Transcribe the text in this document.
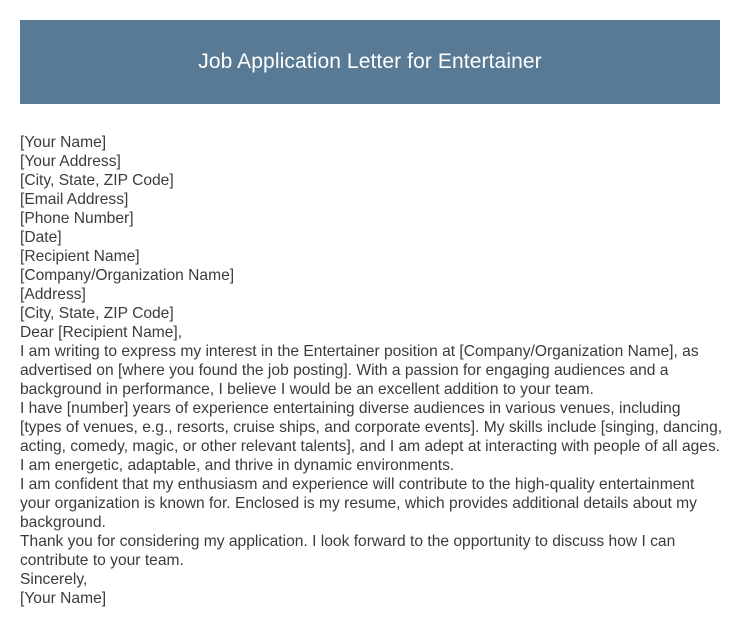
Job Application Letter for Entertainer

[Your Name]

[Your Address]

[City, State, ZIP Code]

[Email Address]

[Phone Number]

[Date]

[Recipient Name]

[Company/Organization Name]

[Address]

[City, State, ZIP Code]

Dear [Recipient Name],

I am writing to express my interest in the Entertainer position at [Company/Organization Name], as advertised on [where you found the job posting]. With a passion for engaging audiences and a background in performance, I believe I would be an excellent addition to your team.

I have [number] years of experience entertaining diverse audiences in various venues, including [types of venues, e.g., resorts, cruise ships, and corporate events]. My skills include [singing, dancing, acting, comedy, magic, or other relevant talents], and I am adept at interacting with people of all ages. I am energetic, adaptable, and thrive in dynamic environments.

I am confident that my enthusiasm and experience will contribute to the high-quality entertainment your organization is known for. Enclosed is my resume, which provides additional details about my background.

Thank you for considering my application. I look forward to the opportunity to discuss how I can contribute to your team.

Sincerely,

[Your Name]
